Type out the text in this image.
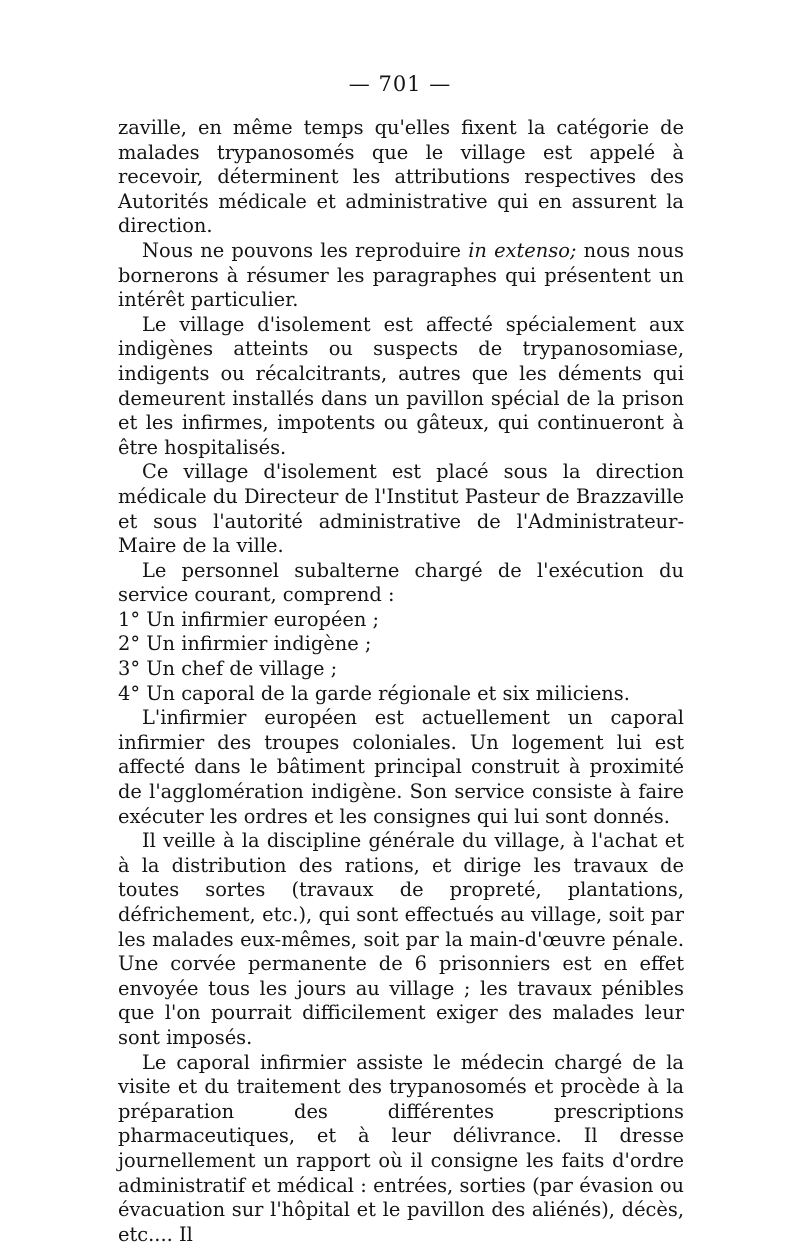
— 701 —

zaville, en même temps qu'elles fixent la catégorie de malades trypanosomés que le village est appelé à recevoir, déterminent les attributions respectives des Autorités médicale et administrative qui en assurent la direction.

Nous ne pouvons les reproduire in extenso; nous nous bornerons à résumer les paragraphes qui présentent un intérêt particulier.

Le village d'isolement est affecté spécialement aux indigènes atteints ou suspects de trypanosomiase, indigents ou récalcitrants, autres que les déments qui demeurent installés dans un pavillon spécial de la prison et les infirmes, impotents ou gâteux, qui continueront à être hospitalisés.

Ce village d'isolement est placé sous la direction médicale du Directeur de l'Institut Pasteur de Brazzaville et sous l'autorité administrative de l'Administrateur-Maire de la ville.

Le personnel subalterne chargé de l'exécution du service courant, comprend :

1° Un infirmier européen ;

2° Un infirmier indigène ;

3° Un chef de village ;

4° Un caporal de la garde régionale et six miliciens.

L'infirmier européen est actuellement un caporal infirmier des troupes coloniales. Un logement lui est affecté dans le bâtiment principal construit à proximité de l'agglomération indigène. Son service consiste à faire exécuter les ordres et les consignes qui lui sont donnés.

Il veille à la discipline générale du village, à l'achat et à la distribution des rations, et dirige les travaux de toutes sortes (travaux de propreté, plantations, défrichement, etc.), qui sont effectués au village, soit par les malades eux-mêmes, soit par la main-d'œuvre pénale. Une corvée permanente de 6 prisonniers est en effet envoyée tous les jours au village ; les travaux pénibles que l'on pourrait difficilement exiger des malades leur sont imposés.

Le caporal infirmier assiste le médecin chargé de la visite et du traitement des trypanosomés et procède à la préparation des différentes prescriptions pharmaceutiques, et à leur délivrance. Il dresse journellement un rapport où il consigne les faits d'ordre administratif et médical : entrées, sorties (par évasion ou évacuation sur l'hôpital et le pavillon des aliénés), décès, etc.... Il
